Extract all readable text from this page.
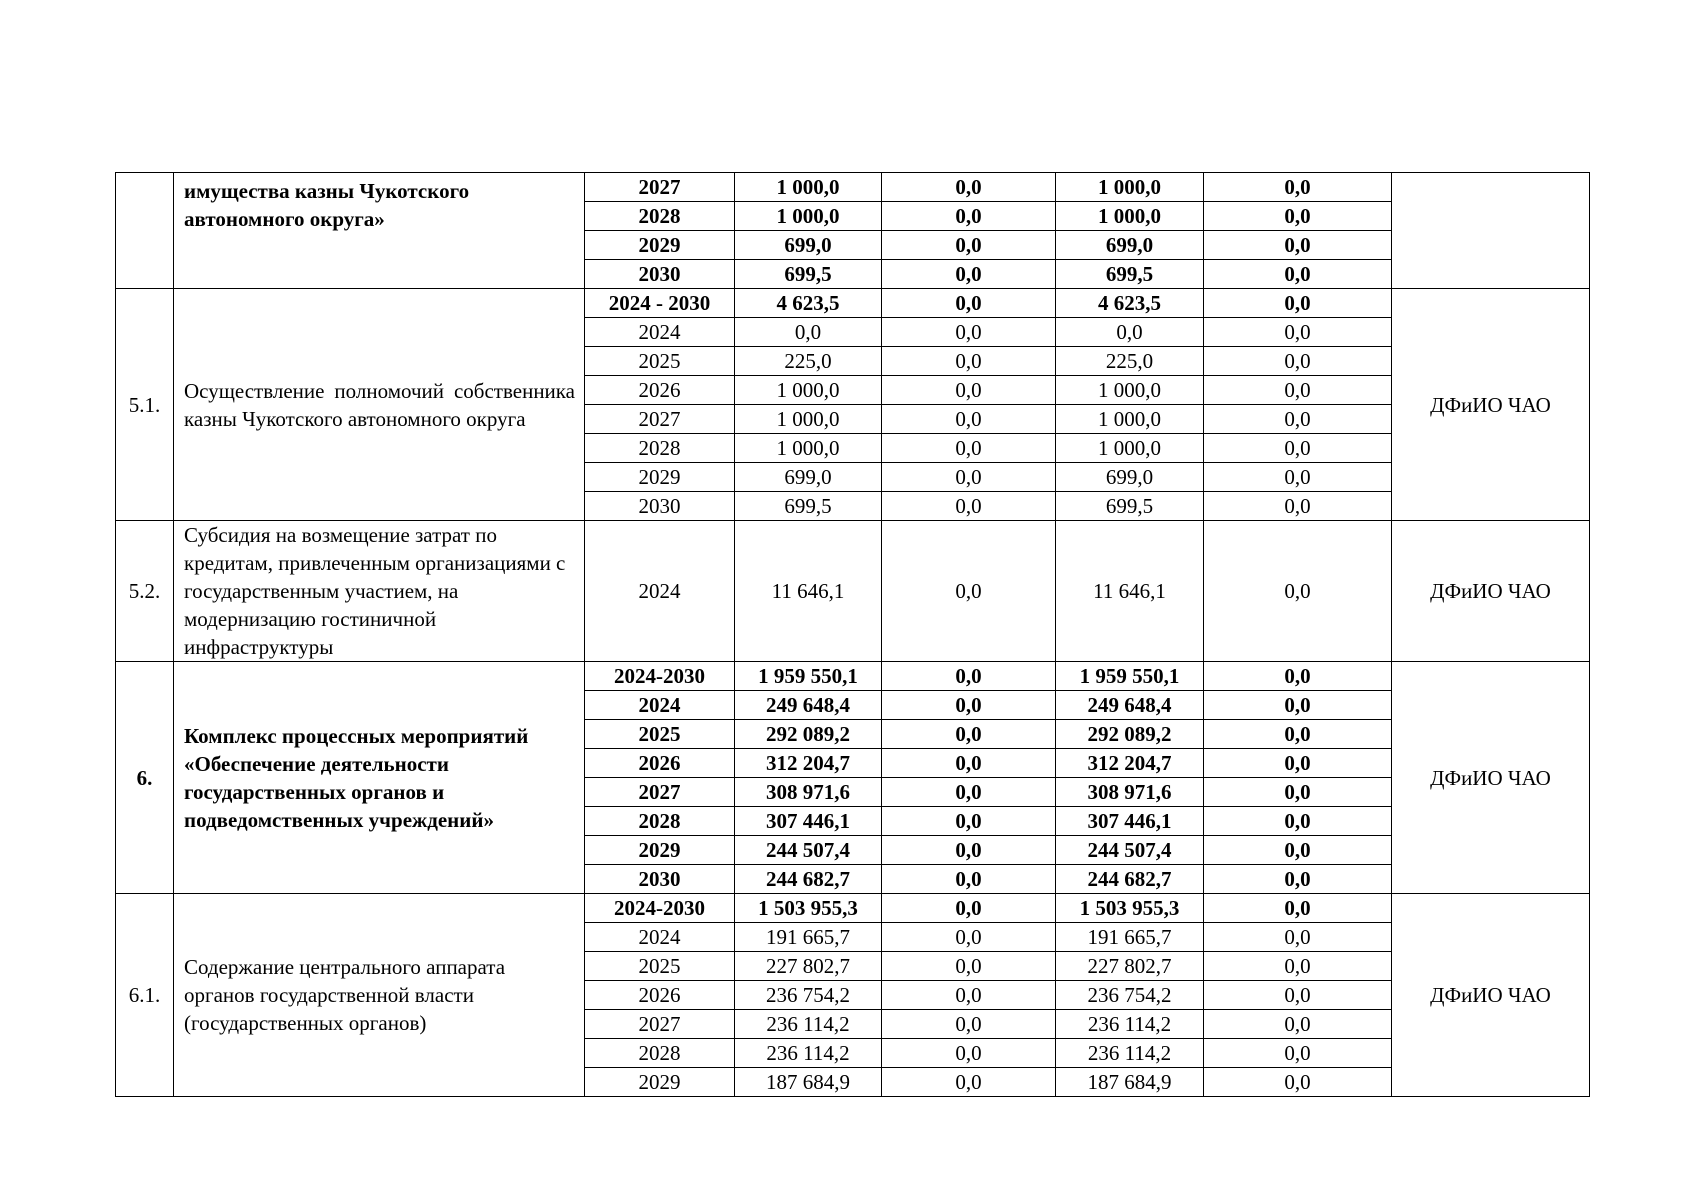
	имущества казны Чукотского автономного округа»	2027	1 000,0	0,0	1 000,0	0,0	
		2028	1 000,0	0,0	1 000,0	0,0	
		2029	699,0	0,0	699,0	0,0	
		2030	699,5	0,0	699,5	0,0	
5.1.	Осуществление полномочий собственника казны Чукотского автономного округа	2024 - 2030	4 623,5	0,0	4 623,5	0,0	ДФиИО ЧАО
		2024	0,0	0,0	0,0	0,0	
		2025	225,0	0,0	225,0	0,0	
		2026	1 000,0	0,0	1 000,0	0,0	
		2027	1 000,0	0,0	1 000,0	0,0	
		2028	1 000,0	0,0	1 000,0	0,0	
		2029	699,0	0,0	699,0	0,0	
		2030	699,5	0,0	699,5	0,0	
5.2.	Субсидия на возмещение затрат по кредитам, привлеченным организациями с государственным участием, на модернизацию гостиничной инфраструктуры	2024	11 646,1	0,0	11 646,1	0,0	ДФиИО ЧАО
6.	Комплекс процессных мероприятий «Обеспечение деятельности государственных органов и подведомственных учреждений»	2024-2030	1 959 550,1	0,0	1 959 550,1	0,0	ДФиИО ЧАО
		2024	249 648,4	0,0	249 648,4	0,0	
		2025	292 089,2	0,0	292 089,2	0,0	
		2026	312 204,7	0,0	312 204,7	0,0	
		2027	308 971,6	0,0	308 971,6	0,0	
		2028	307 446,1	0,0	307 446,1	0,0	
		2029	244 507,4	0,0	244 507,4	0,0	
		2030	244 682,7	0,0	244 682,7	0,0	
6.1.	Содержание центрального аппарата органов государственной власти (государственных органов)	2024-2030	1 503 955,3	0,0	1 503 955,3	0,0	ДФиИО ЧАО
		2024	191 665,7	0,0	191 665,7	0,0	
		2025	227 802,7	0,0	227 802,7	0,0	
		2026	236 754,2	0,0	236 754,2	0,0	
		2027	236 114,2	0,0	236 114,2	0,0	
		2028	236 114,2	0,0	236 114,2	0,0	
		2029	187 684,9	0,0	187 684,9	0,0	
